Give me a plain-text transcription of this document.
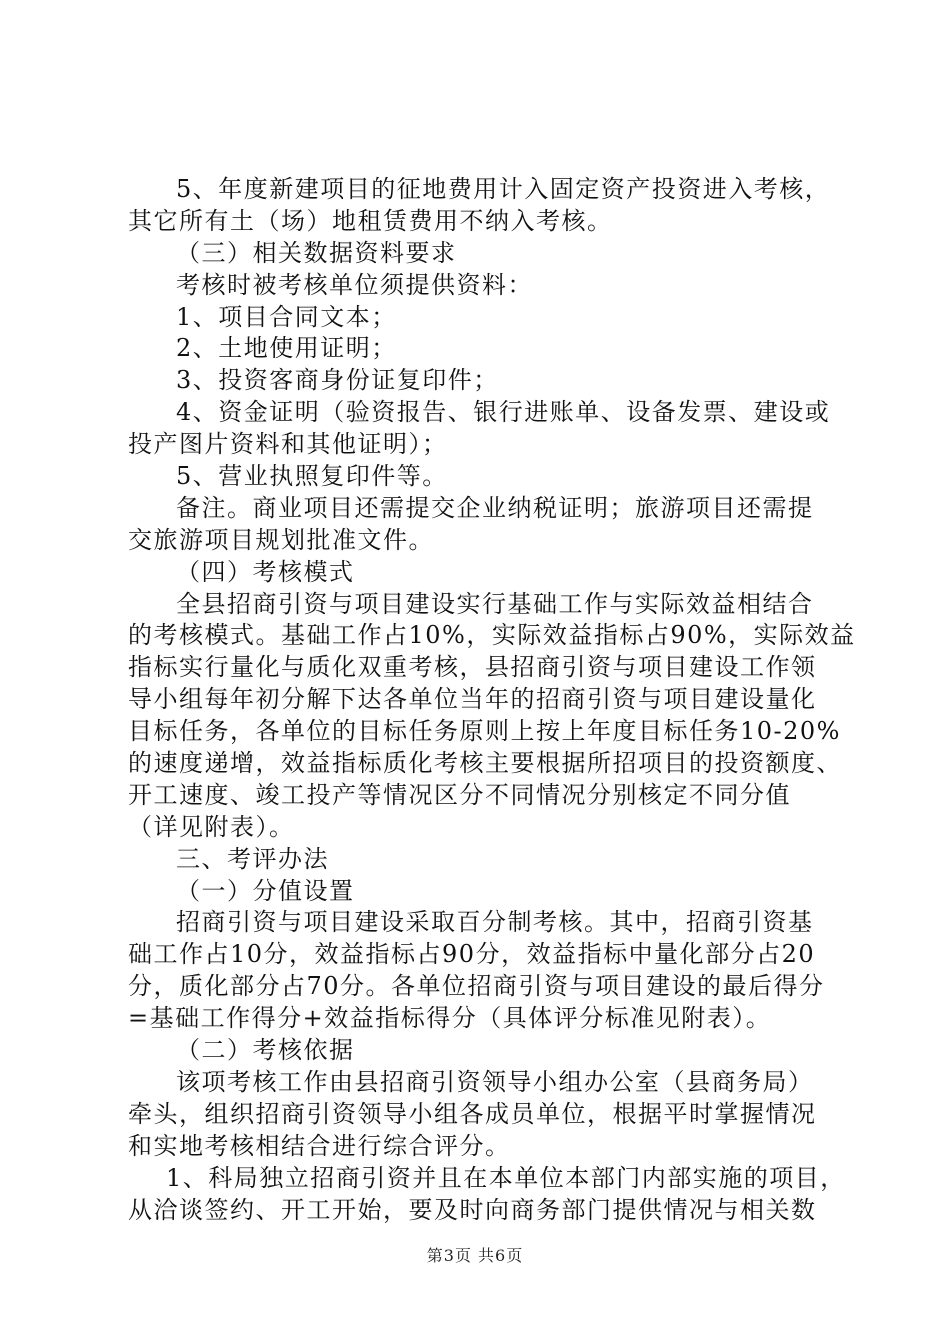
5、年度新建项目的征地费用计入固定资产投资进入考核，
其它所有土（场）地租赁费用不纳入考核。
（三）相关数据资料要求
考核时被考核单位须提供资料：
1、项目合同文本；
2、土地使用证明；
3、投资客商身份证复印件；
4、资金证明（验资报告、银行进账单、设备发票、建设或
投产图片资料和其他证明）；
5、营业执照复印件等。
备注。商业项目还需提交企业纳税证明；旅游项目还需提
交旅游项目规划批准文件。
（四）考核模式
全县招商引资与项目建设实行基础工作与实际效益相结合
的考核模式。基础工作占10%，实际效益指标占90%，实际效益
指标实行量化与质化双重考核，县招商引资与项目建设工作领
导小组每年初分解下达各单位当年的招商引资与项目建设量化
目标任务，各单位的目标任务原则上按上年度目标任务10-20%
的速度递增，效益指标质化考核主要根据所招项目的投资额度、
开工速度、竣工投产等情况区分不同情况分别核定不同分值
（详见附表）。
三、考评办法
（一）分值设置
招商引资与项目建设采取百分制考核。其中，招商引资基
础工作占10分，效益指标占90分，效益指标中量化部分占20
分，质化部分占70分。各单位招商引资与项目建设的最后得分
=基础工作得分+效益指标得分（具体评分标准见附表）。
（二）考核依据
该项考核工作由县招商引资领导小组办公室（县商务局）
牵头，组织招商引资领导小组各成员单位，根据平时掌握情况
和实地考核相结合进行综合评分。
1、科局独立招商引资并且在本单位本部门内部实施的项目，
从洽谈签约、开工开始，要及时向商务部门提供情况与相关数
第3页 共6页
